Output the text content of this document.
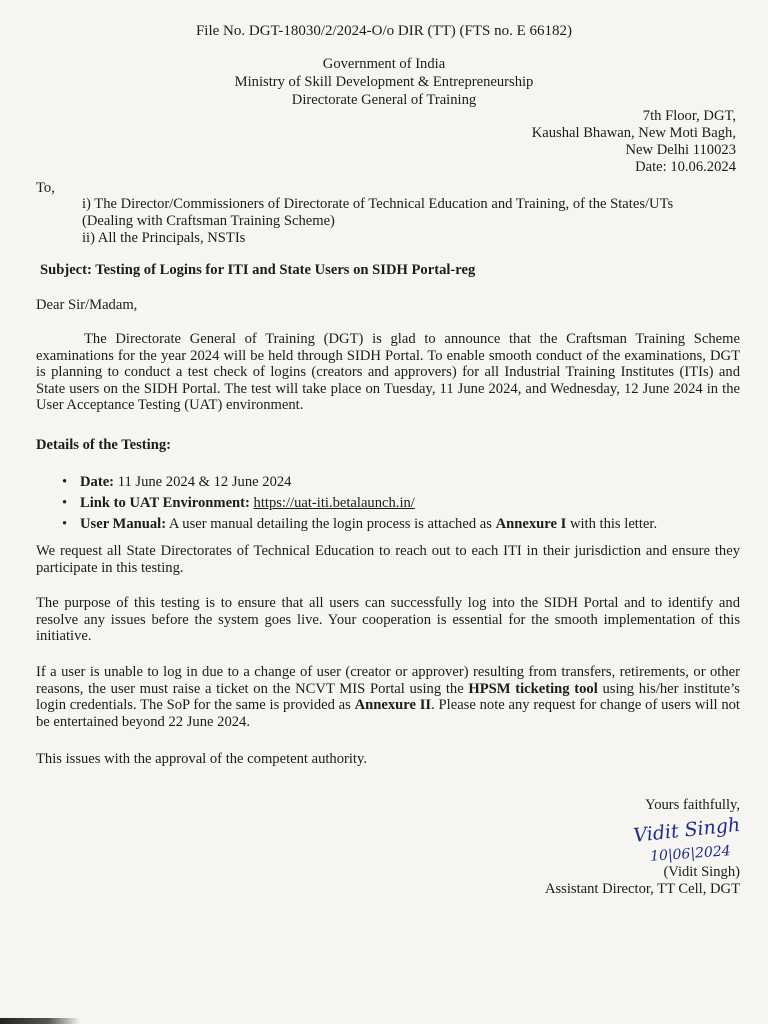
File No. DGT-18030/2/2024-O/o DIR (TT) (FTS no. E 66182)
Government of India
Ministry of Skill Development & Entrepreneurship
Directorate General of Training
7th Floor, DGT,
Kaushal Bhawan, New Moti Bagh,
New Delhi 110023
Date: 10.06.2024
To,
i) The Director/Commissioners of Directorate of Technical Education and Training, of the States/UTs
(Dealing with Craftsman Training Scheme)
ii) All the Principals, NSTIs
Subject: Testing of Logins for ITI and State Users on SIDH Portal-reg
Dear Sir/Madam,
The Directorate General of Training (DGT) is glad to announce that the Craftsman Training Scheme examinations for the year 2024 will be held through SIDH Portal. To enable smooth conduct of the examinations, DGT is planning to conduct a test check of logins (creators and approvers) for all Industrial Training Institutes (ITIs) and State users on the SIDH Portal. The test will take place on Tuesday, 11 June 2024, and Wednesday, 12 June 2024 in the User Acceptance Testing (UAT) environment.
Details of the Testing:
• Date: 11 June 2024 & 12 June 2024
• Link to UAT Environment: https://uat-iti.betalaunch.in/
• User Manual: A user manual detailing the login process is attached as Annexure I with this letter.
We request all State Directorates of Technical Education to reach out to each ITI in their jurisdiction and ensure they participate in this testing.
The purpose of this testing is to ensure that all users can successfully log into the SIDH Portal and to identify and resolve any issues before the system goes live. Your cooperation is essential for the smooth implementation of this initiative.
If a user is unable to log in due to a change of user (creator or approver) resulting from transfers, retirements, or other reasons, the user must raise a ticket on the NCVT MIS Portal using the HPSM ticketing tool using his/her institute’s login credentials. The SoP for the same is provided as Annexure II. Please note any request for change of users will not be entertained beyond 22 June 2024.
This issues with the approval of the competent authority.
Yours faithfully,
Vidit Singh
10|06|2024
(Vidit Singh)
Assistant Director, TT Cell, DGT
